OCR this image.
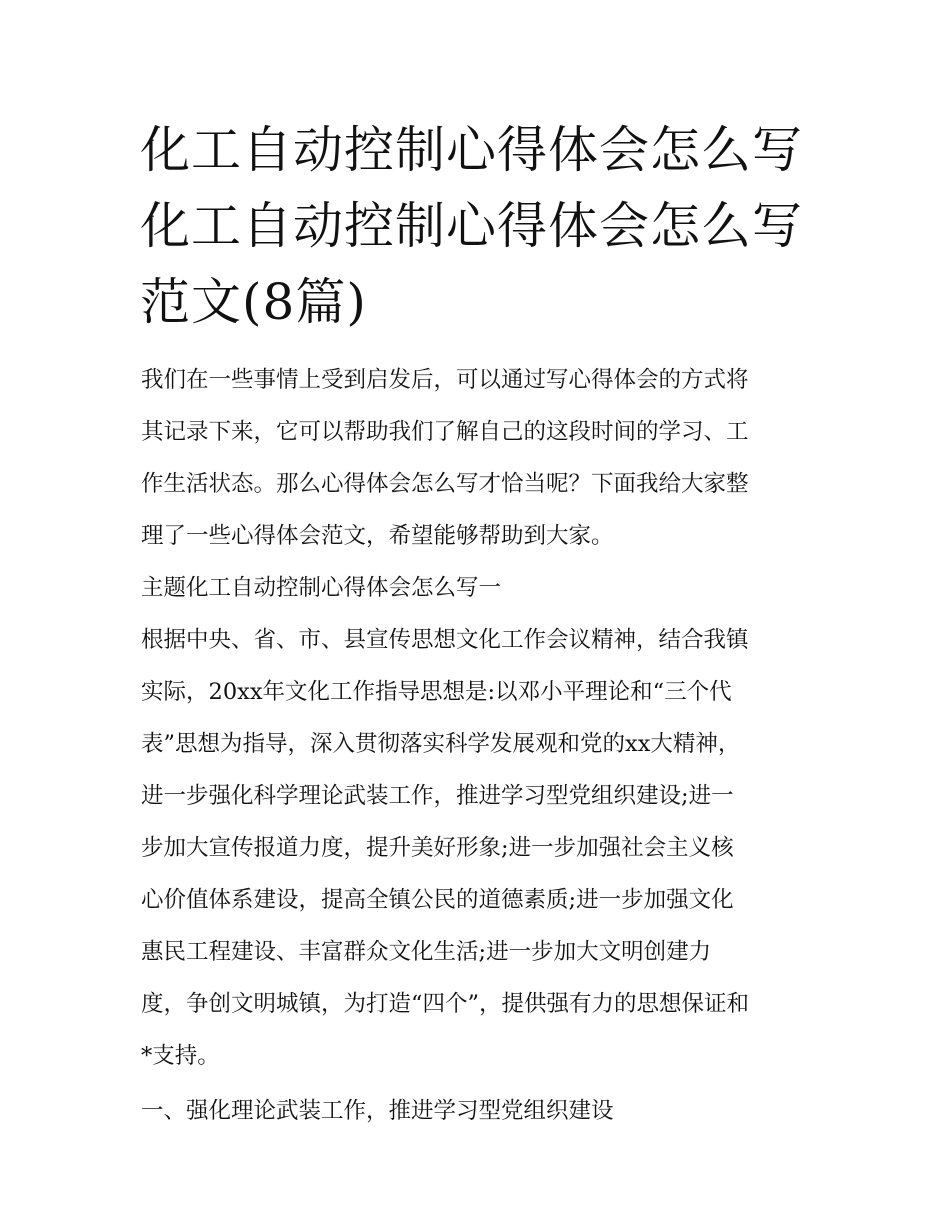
化工自动控制心得体会怎么写
化工自动控制心得体会怎么写
范文(8篇)
我们在一些事情上受到启发后，可以通过写心得体会的方式将
其记录下来，它可以帮助我们了解自己的这段时间的学习、工
作生活状态。那么心得体会怎么写才恰当呢？下面我给大家整
理了一些心得体会范文，希望能够帮助到大家。
主题化工自动控制心得体会怎么写一
根据中央、省、市、县宣传思想文化工作会议精神，结合我镇
实际，20xx年文化工作指导思想是:以邓小平理论和“三个代
表”思想为指导，深入贯彻落实科学发展观和党的xx大精神，
进一步强化科学理论武装工作，推进学习型党组织建设;进一
步加大宣传报道力度，提升美好形象;进一步加强社会主义核
心价值体系建设，提高全镇公民的道德素质;进一步加强文化
惠民工程建设、丰富群众文化生活;进一步加大文明创建力
度，争创文明城镇，为打造“四个”，提供强有力的思想保证和
*支持。
一、强化理论武装工作，推进学习型党组织建设
